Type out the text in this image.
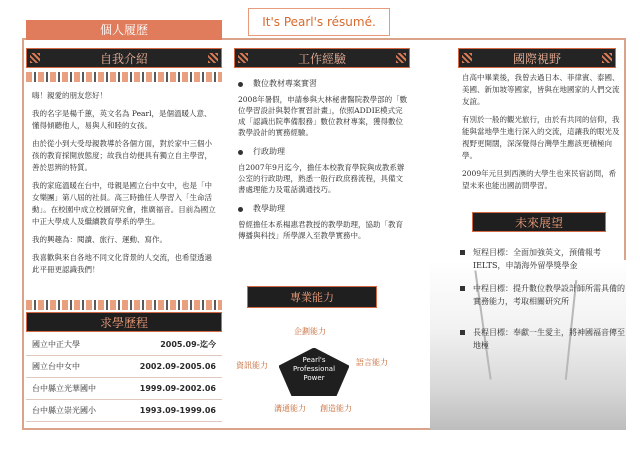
個人履歷
It's Pearl's résumé.
自我介紹

嗨！親愛的朋友您好！

我的名字是楊千蕙，英文名為 Pearl，是個溫暖人意、懂得傾聽他人，易與人和睦的女孩。

由於從小到大受母親教導於各個方面，對於家中三個小孩的教育採開放態度；故我自幼便具有獨立自主學習，善於思辨的特質。

我的家庭溫暖在台中，母親是國立台中女中，也是「中女樂團」第八屆的社員。高三時擔任人學習入「生命活動」。在校園中成立校園研究會，推廣福音。目前為國立中正大學成人及繼續教育學系的學生。

我的興趣為：閱讀、旅行、運動、寫作。

我喜歡與來自各地不同文化背景的人交流，也希望透過此平冊更認識我們！

求學歷程
國立中正大學	2005.09-迄今
國立台中女中	2002.09-2005.06
台中縣立光華國中	1999.09-2002.06
台中縣立崇光國小	1993.09-1999.06
工作經驗
數位教材專案實習
2008年暑假，申請參與大林秘書醫院教學部的「數位學習設計與製作實習計畫」，依照ADDIE模式完成「認識出院準備服務」數位教材專案，獲得數位教學設計的實務經驗。
行政助理
自2007年9月迄今，擔任本校教育學院與成教系辦公室的行政助理，熟悉一般行政庶務流程，具備文書處理能力及電話溝通技巧。
教學助理
曾經擔任本系楊惠君教授的教學助理，協助「教育傳播與科技」所學課入至教學實務中。
專業能力
Pearl's
Professional
Power
企劃能力
語言能力
創造能力
溝通能力
資訊能力
國際視野

自高中畢業後，我曾去過日本、菲律賓、泰國、美國、新加坡等國家，皆與在地國家的人們交流友誼。

有別於一般的觀光旅行，由於有共同的信仰，我能與當地學生進行深入的交流，這讓我的眼光及視野更開闊，深深覺得台灣學生應該更積極向學。

2009年元旦到西澳的大學生也來民宿訪問，希望未來也能出國訪問學習。

未來展望
短程目標：全面加強英文，預備報考IELTS，申請海外留學獎學金
中程目標：提升數位教學設計師所需具備的實務能力，考取相關研究所
長程目標：奉獻一生愛主，將神國福音傳至地極
